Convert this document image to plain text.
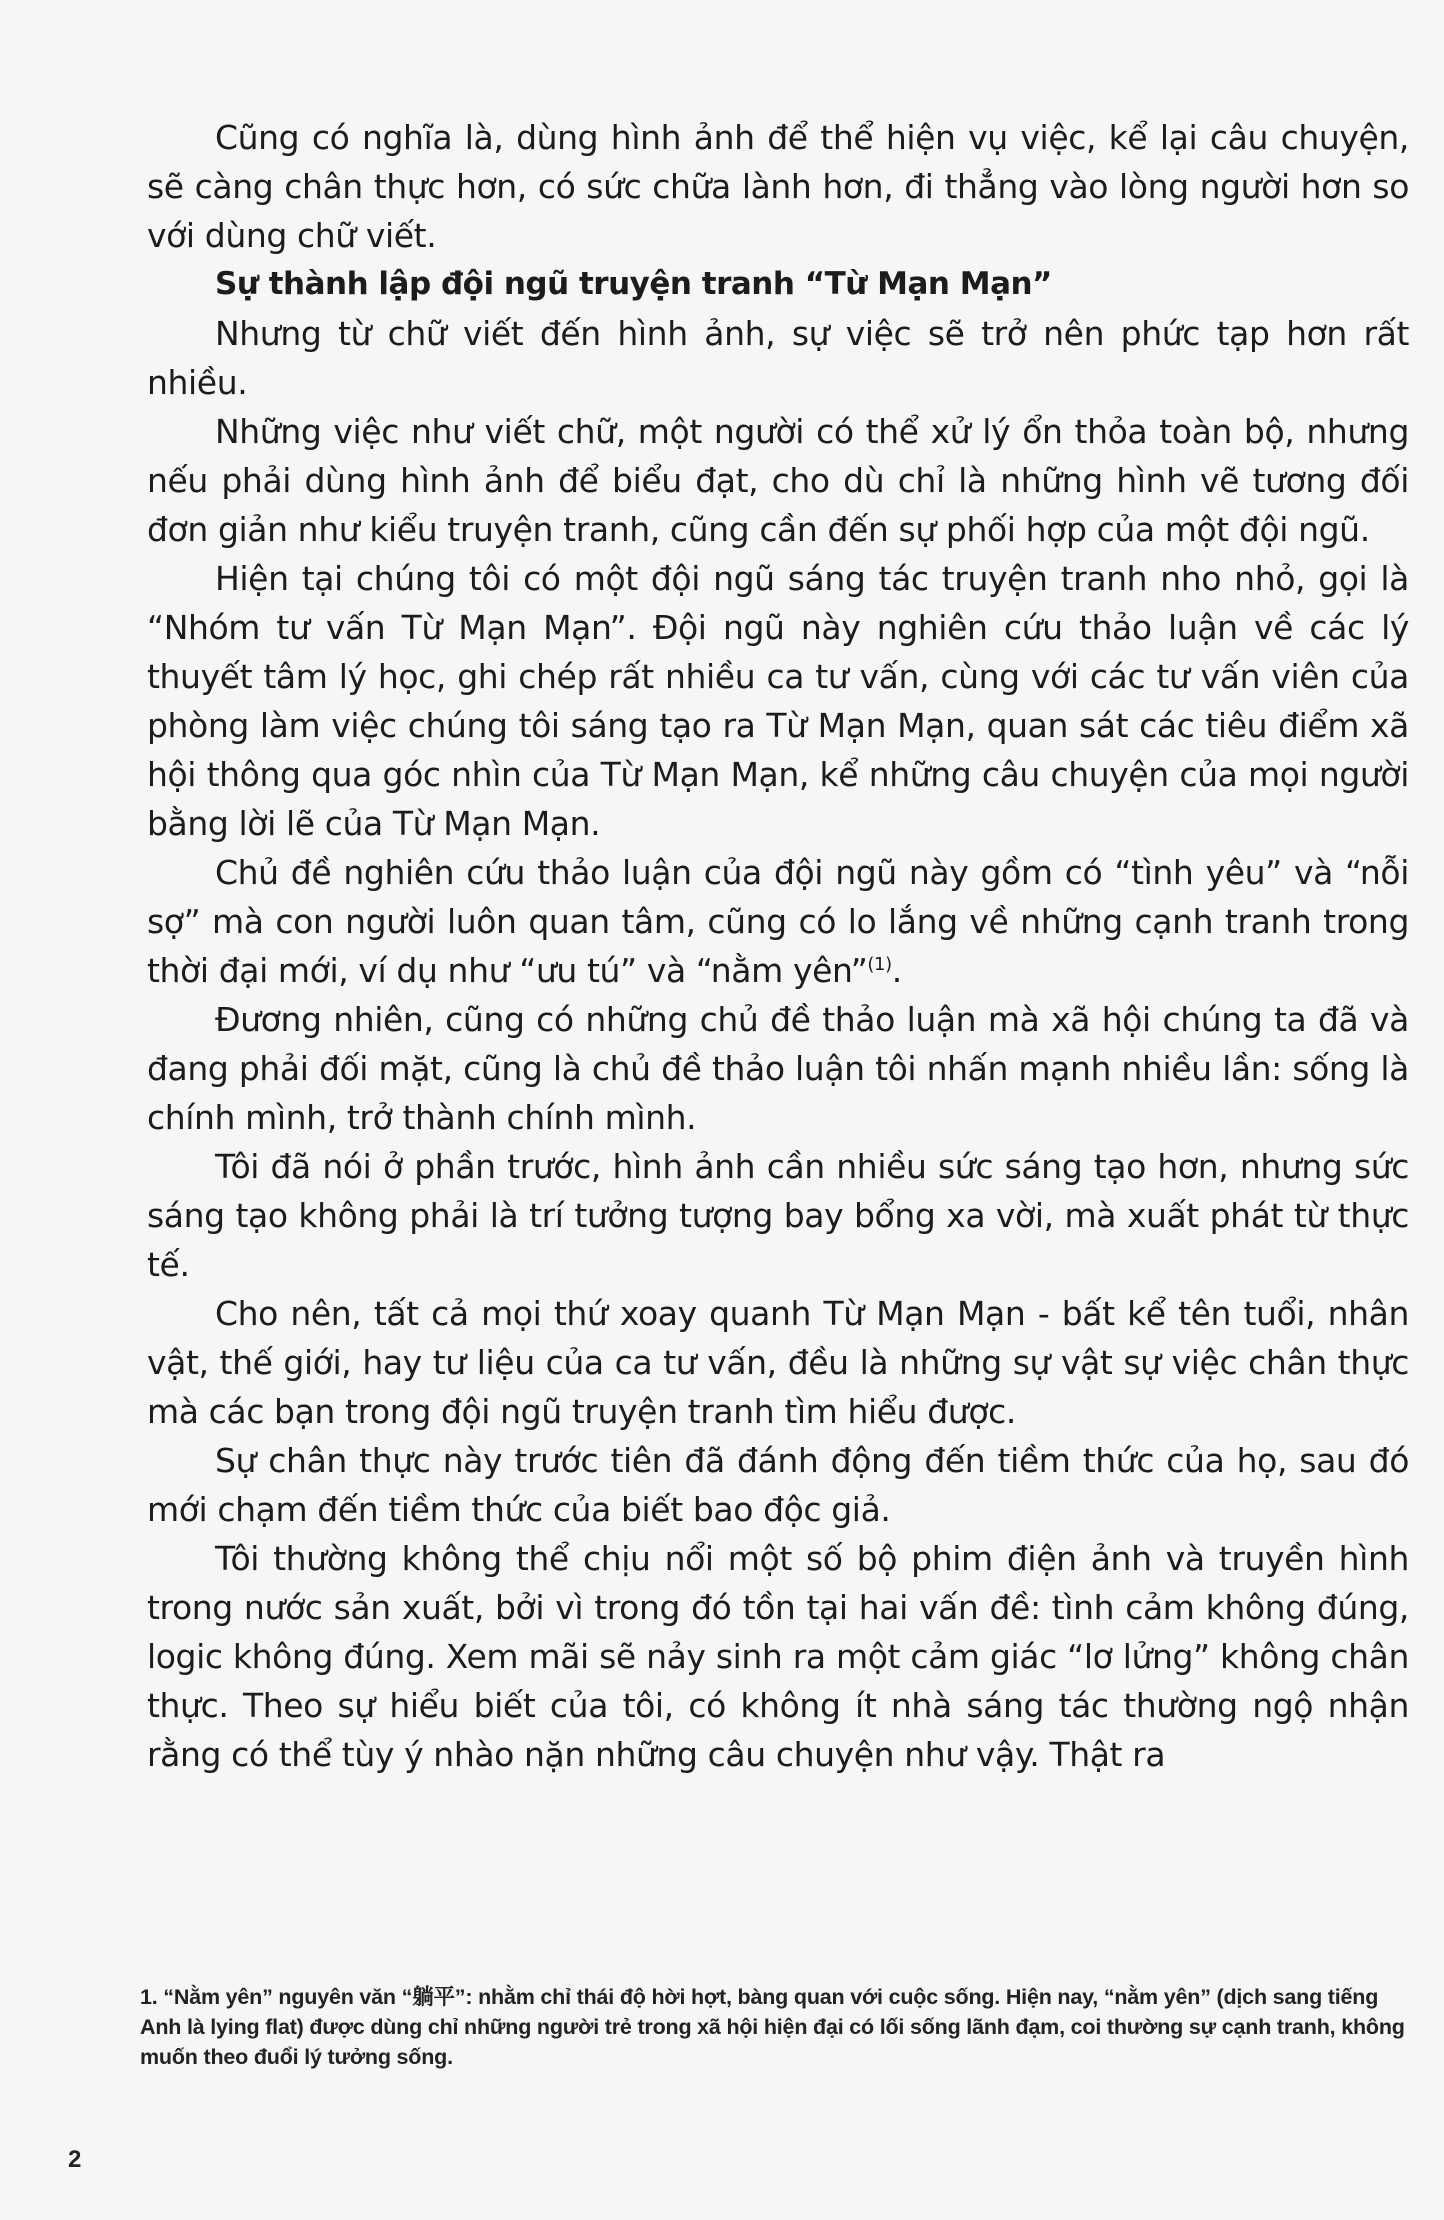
Cũng có nghĩa là, dùng hình ảnh để thể hiện vụ việc, kể lại câu chuyện, sẽ càng chân thực hơn, có sức chữa lành hơn, đi thẳng vào lòng người hơn so với dùng chữ viết.

Sự thành lập đội ngũ truyện tranh “Từ Mạn Mạn”

Nhưng từ chữ viết đến hình ảnh, sự việc sẽ trở nên phức tạp hơn rất nhiều.

Những việc như viết chữ, một người có thể xử lý ổn thỏa toàn bộ, nhưng nếu phải dùng hình ảnh để biểu đạt, cho dù chỉ là những hình vẽ tương đối đơn giản như kiểu truyện tranh, cũng cần đến sự phối hợp của một đội ngũ.

Hiện tại chúng tôi có một đội ngũ sáng tác truyện tranh nho nhỏ, gọi là “Nhóm tư vấn Từ Mạn Mạn”. Đội ngũ này nghiên cứu thảo luận về các lý thuyết tâm lý học, ghi chép rất nhiều ca tư vấn, cùng với các tư vấn viên của phòng làm việc chúng tôi sáng tạo ra Từ Mạn Mạn, quan sát các tiêu điểm xã hội thông qua góc nhìn của Từ Mạn Mạn, kể những câu chuyện của mọi người bằng lời lẽ của Từ Mạn Mạn.

Chủ đề nghiên cứu thảo luận của đội ngũ này gồm có “tình yêu” và “nỗi sợ” mà con người luôn quan tâm, cũng có lo lắng về những cạnh tranh trong thời đại mới, ví dụ như “ưu tú” và “nằm yên”$^{(1)}$.

Đương nhiên, cũng có những chủ đề thảo luận mà xã hội chúng ta đã và đang phải đối mặt, cũng là chủ đề thảo luận tôi nhấn mạnh nhiều lần: sống là chính mình, trở thành chính mình.

Tôi đã nói ở phần trước, hình ảnh cần nhiều sức sáng tạo hơn, nhưng sức sáng tạo không phải là trí tưởng tượng bay bổng xa vời, mà xuất phát từ thực tế.

Cho nên, tất cả mọi thứ xoay quanh Từ Mạn Mạn - bất kể tên tuổi, nhân vật, thế giới, hay tư liệu của ca tư vấn, đều là những sự vật sự việc chân thực mà các bạn trong đội ngũ truyện tranh tìm hiểu được.

Sự chân thực này trước tiên đã đánh động đến tiềm thức của họ, sau đó mới chạm đến tiềm thức của biết bao độc giả.

Tôi thường không thể chịu nổi một số bộ phim điện ảnh và truyền hình trong nước sản xuất, bởi vì trong đó tồn tại hai vấn đề: tình cảm không đúng, logic không đúng. Xem mãi sẽ nảy sinh ra một cảm giác “lơ lửng” không chân thực. Theo sự hiểu biết của tôi, có không ít nhà sáng tác thường ngộ nhận rằng có thể tùy ý nhào nặn những câu chuyện như vậy. Thật ra

1. “Nằm yên” nguyên văn “躺平”: nhằm chỉ thái độ hời hợt, bàng quan với cuộc sống. Hiện nay, “nằm yên” (dịch sang tiếng Anh là lying flat) được dùng chỉ những người trẻ trong xã hội hiện đại có lối sống lãnh đạm, coi thường sự cạnh tranh, không muốn theo đuổi lý tưởng sống.
2
